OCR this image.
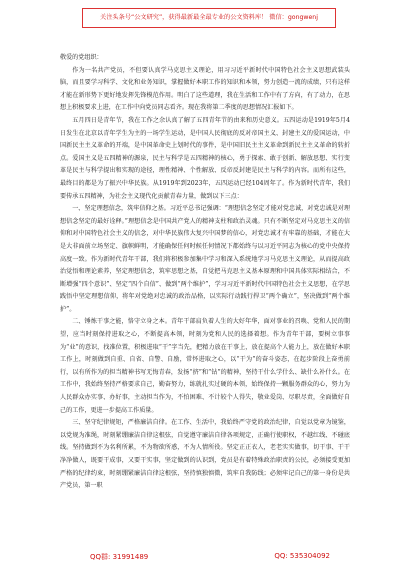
关注头条号“公文研究”，获得最新最全最专业的公文资料库！ 微信：gongwenj

敬爱的党组织：

作为一名共产党员，不但要认真学马克思主义理论，用习习近平新时代中国特色社会主义思想武装头脑，而且要学习科学、文化和业务知识，掌握做好本职工作的知识和本领，努力创造一流的成绩，只有这样才能在新形势下更好地发挥先锋模范作用。明白了这些道理，我在生活和工作中有了方向，有了动力，在思想上积极要求上进，在工作中向党员同志看齐。现在我将第二季度的思想情况汇报如下。

五月四日是青年节，我在工作之余认真了解了五四青年节的由来和历史意义。五四运动是1919年5月4日发生在北京以青年学生为主的一场学生运动，是中国人民彻底的反对帝国主义、封建主义的爱国运动，中国新民主主义革命的开端，是中国革命史上划时代的事件，是中国旧民主主义革命到新民主主义革命的转折点。爱国主义是五四精神的源泉，民主与科学是五四精神的核心，勇于探索、敢于创新、解放思想、实行变革是民主与科学提出和实现的途径，理性精神、个性解放、反帝反封建是民主与科学的内容。而所有这些，最终目的都是为了振兴中华民族。从1919年到2023年，五四运动已经104周年了。作为新时代青年，我们要传承五四精神，为社会主义现代化贡献青春力量，做到以下三点：

一、坚定理想信念，筑牢信仰之基。习近平总书记强调：“理想信念坚定才能对党忠诚，对党忠诚是对理想信念坚定的最好诠释。”理想信念是中国共产党人的精神支柱和政治灵魂。只有不断坚定对马克思主义的信仰和对中国特色社会主义的信念，对中华民族伟大复兴中国梦的信心，对党忠诚才有牢靠的基础，才能在大是大非面前立场坚定、旗帜鲜明，才能确保任何时候任何情况下都始终与以习近平同志为核心的党中央保持高度一致。作为新时代青年干部，我们将积极参加集中学习和深入系统地学习马克思主义理论，从而提高政治觉悟和理论素养，坚定理想信念，筑牢思想之基，自觉把马克思主义基本原理和中国具体实际相结合，不断增强“四个意识”、坚定“四个自信”、做到“两个维护”，学习习近平新时代中国特色社会主义思想，在学思践悟中坚定理想信仰，将年对党绝对忠诚的政治品格，以实际行动践行捍卫“两个确立”，坚决做到“两个维护”。

二、锤炼干事之能，恪守立身之本。青年干部肩负着人生的大好年华，面对事业的召唤、党和人民的期望，应当时刻保持进取之心，不断提高本领，时刻为党和人民的选择着想。作为青年干部，要树立事事为“业”的意识，找准位置，积极进取“干”字当先，把精力放在干事上，放在提高个人能力上，放在做好本职工作上，时刻做到自重、自省、自警、自励，常怀进取之心，以“干为”的奋斗姿态，在起步阶段上奋勇前行，以有所作为的担当精神书写无悔青春，发扬“挤”和“钻”的精神，坚持干什么学什么、缺什么补什么。在工作中，我始终坚持严格要求自己，勤奋努力，练就扎实过硬的本领，始终保持一颗服务群众的心，努力为人民群众办实事、办好事，主动担当作为，不怕困难、不计较个人得失，敬业爱岗、尽职尽责，全面做好自己的工作，更进一步提高工作质量。

三、坚守纪律规矩，严格廉洁自律。在工作、生活中，我始终严守党的政治纪律，自觉以党章为镜鉴，以党规为准绳，时刻紧绷廉洁自律这根弦，自觉遵守廉洁自律各项规定，正确行使职权，不越红线、不碰底线。坚持做到不为名利所累，不为物欲所惑，不为人情所役。坚定正正衣人，老老实实做事，切干事、干干净净做人，既要干成事，又要干实事，坚定做到的认识到，党员是有着特殊政治职责的公民，必须接受更加严格的纪律约束，时刻绷紧廉洁自律这根弦，坚持慎独慎微，筑牢自我防线；必须牢记自己的第一身份是共产党员，第一职

QQ群: 31991489	QQ: 535304092
